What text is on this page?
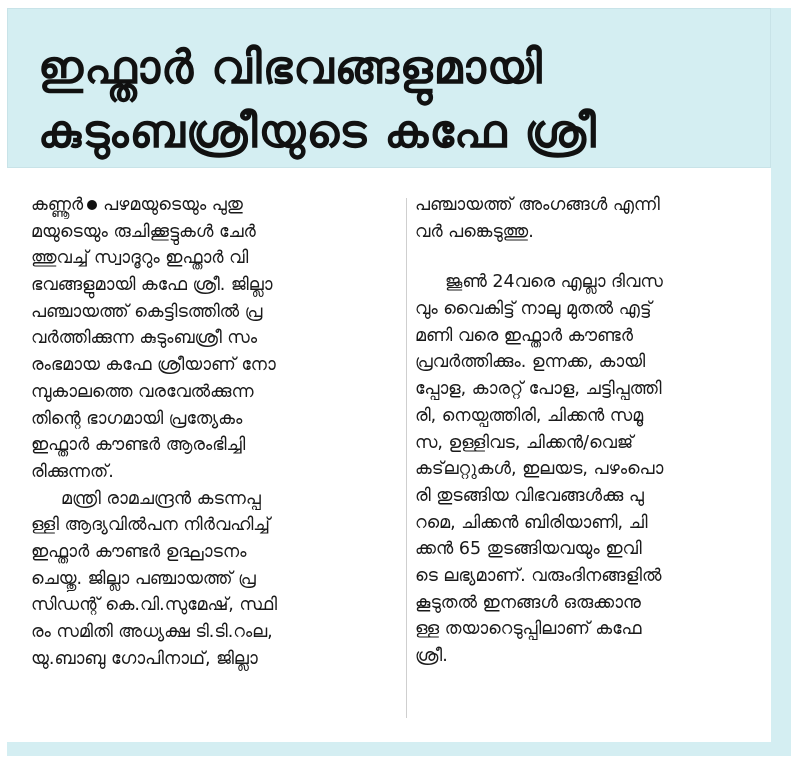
ഇഫ്താർ വിഭവങ്ങളുമായി
കുടുംബശ്രീയുടെ കഫേ ശ്രീ
കണ്ണൂർ പഴമയുടെയും പുതു
മയുടെയും രുചിക്കൂട്ടുകൾ ചേർ
ത്തുവച്ച് സ്വാദൂറും ഇഫ്താർ വി
ഭവങ്ങളുമായി കഫേ ശ്രീ. ജില്ലാ
പഞ്ചായത്ത് കെട്ടിടത്തിൽ പ്ര
വർത്തിക്കുന്ന കുടുംബശ്രീ സം
രംഭമായ കഫേ ശ്രീയാണ് നോ
മ്പുകാലത്തെ വരവേൽക്കുന്ന
തിന്റെ ഭാഗമായി പ്രത്യേകം
ഇഫ്താർ കൗണ്ടർ ആരംഭിച്ചി
രിക്കുന്നത്.
മന്ത്രി രാമചന്ദ്രൻ കടന്നപ്പ
ള്ളി ആദ്യവിൽപന നിർവഹിച്ച്
ഇഫ്താർ കൗണ്ടർ ഉദ്ഘാടനം
ചെയ്തു. ജില്ലാ പഞ്ചായത്ത് പ്ര
സിഡന്റ് കെ.വി.സുമേഷ്, സ്ഥി
രം സമിതി അധ്യക്ഷ ടി.ടി.റംല,
യു.ബാബു ഗോപിനാഥ്, ജില്ലാ
പഞ്ചായത്ത് അംഗങ്ങൾ എന്നി
വർ പങ്കെടുത്തു.
ജൂൺ 24വരെ എല്ലാ ദിവസ
വും വൈകിട്ട് നാലു മുതൽ എട്ട്
മണി വരെ ഇഫ്താർ കൗണ്ടർ
പ്രവർത്തിക്കും. ഉന്നക്ക, കായി
പ്പോള, കാരറ്റ് പോള, ചട്ടിപ്പത്തി
രി, നെയ്പത്തിരി, ചിക്കൻ സമൂ
സ, ഉള്ളിവട, ചിക്കൻ/വെജ്
കട്‌ലറ്റുകൾ, ഇലയട, പഴംപൊ
രി തുടങ്ങിയ വിഭവങ്ങൾക്കു പു
റമെ, ചിക്കൻ ബിരിയാണി, ചി
ക്കൻ 65 തുടങ്ങിയവയും ഇവി
ടെ ലഭ്യമാണ്. വരുംദിനങ്ങളിൽ
കൂടുതൽ ഇനങ്ങൾ ഒരുക്കാനു
ള്ള തയാറെടുപ്പിലാണ് കഫേ
ശ്രീ.
